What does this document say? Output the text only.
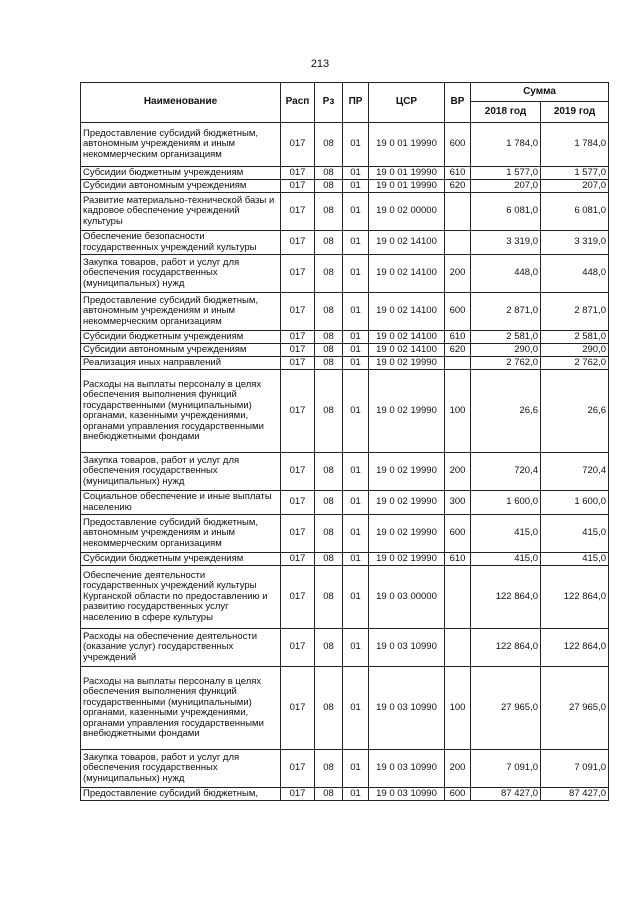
213
Наименование	Расп	Рз	ПР	ЦСР	ВР	Сумма	
						2018 год	2019 год
Предоставление субсидий бюджетным, автономным учреждениям и иным некоммерческим организациям	017	08	01	19 0 01 19990	600	1 784,0	1 784,0
Субсидии бюджетным учреждениям	017	08	01	19 0 01 19990	610	1 577,0	1 577,0
Субсидии автономным учреждениям	017	08	01	19 0 01 19990	620	207,0	207,0
Развитие материально-технической базы и кадровое обеспечение учреждений культуры	017	08	01	19 0 02 00000		6 081,0	6 081,0
Обеспечение безопасности государственных учреждений культуры	017	08	01	19 0 02 14100		3 319,0	3 319,0
Закупка товаров, работ и услуг для обеспечения государственных (муниципальных) нужд	017	08	01	19 0 02 14100	200	448,0	448,0
Предоставление субсидий бюджетным, автономным учреждениям и иным некоммерческим организациям	017	08	01	19 0 02 14100	600	2 871,0	2 871,0
Субсидии бюджетным учреждениям	017	08	01	19 0 02 14100	610	2 581,0	2 581,0
Субсидии автономным учреждениям	017	08	01	19 0 02 14100	620	290,0	290,0
Реализация иных направлений	017	08	01	19 0 02 19990		2 762,0	2 762,0
Расходы на выплаты персоналу в целях обеспечения выполнения функций государственными (муниципальными) органами, казенными учреждениями, органами управления государственными внебюджетными фондами	017	08	01	19 0 02 19990	100	26,6	26,6
Закупка товаров, работ и услуг для обеспечения государственных (муниципальных) нужд	017	08	01	19 0 02 19990	200	720,4	720,4
Социальное обеспечение и иные выплаты населению	017	08	01	19 0 02 19990	300	1 600,0	1 600,0
Предоставление субсидий бюджетным, автономным учреждениям и иным некоммерческим организациям	017	08	01	19 0 02 19990	600	415,0	415,0
Субсидии бюджетным учреждениям	017	08	01	19 0 02 19990	610	415,0	415,0
Обеспечение деятельности государственных учреждений культуры Курганской области по предоставлению и развитию государственных услуг населению в сфере культуры	017	08	01	19 0 03 00000		122 864,0	122 864,0
Расходы на обеспечение деятельности (оказание услуг) государственных учреждений	017	08	01	19 0 03 10990		122 864,0	122 864,0
Расходы на выплаты персоналу в целях обеспечения выполнения функций государственными (муниципальными) органами, казенными учреждениями, органами управления государственными внебюджетными фондами	017	08	01	19 0 03 10990	100	27 965,0	27 965,0
Закупка товаров, работ и услуг для обеспечения государственных (муниципальных) нужд	017	08	01	19 0 03 10990	200	7 091,0	7 091,0
Предоставление субсидий бюджетным,	017	08	01	19 0 03 10990	600	87 427,0	87 427,0
